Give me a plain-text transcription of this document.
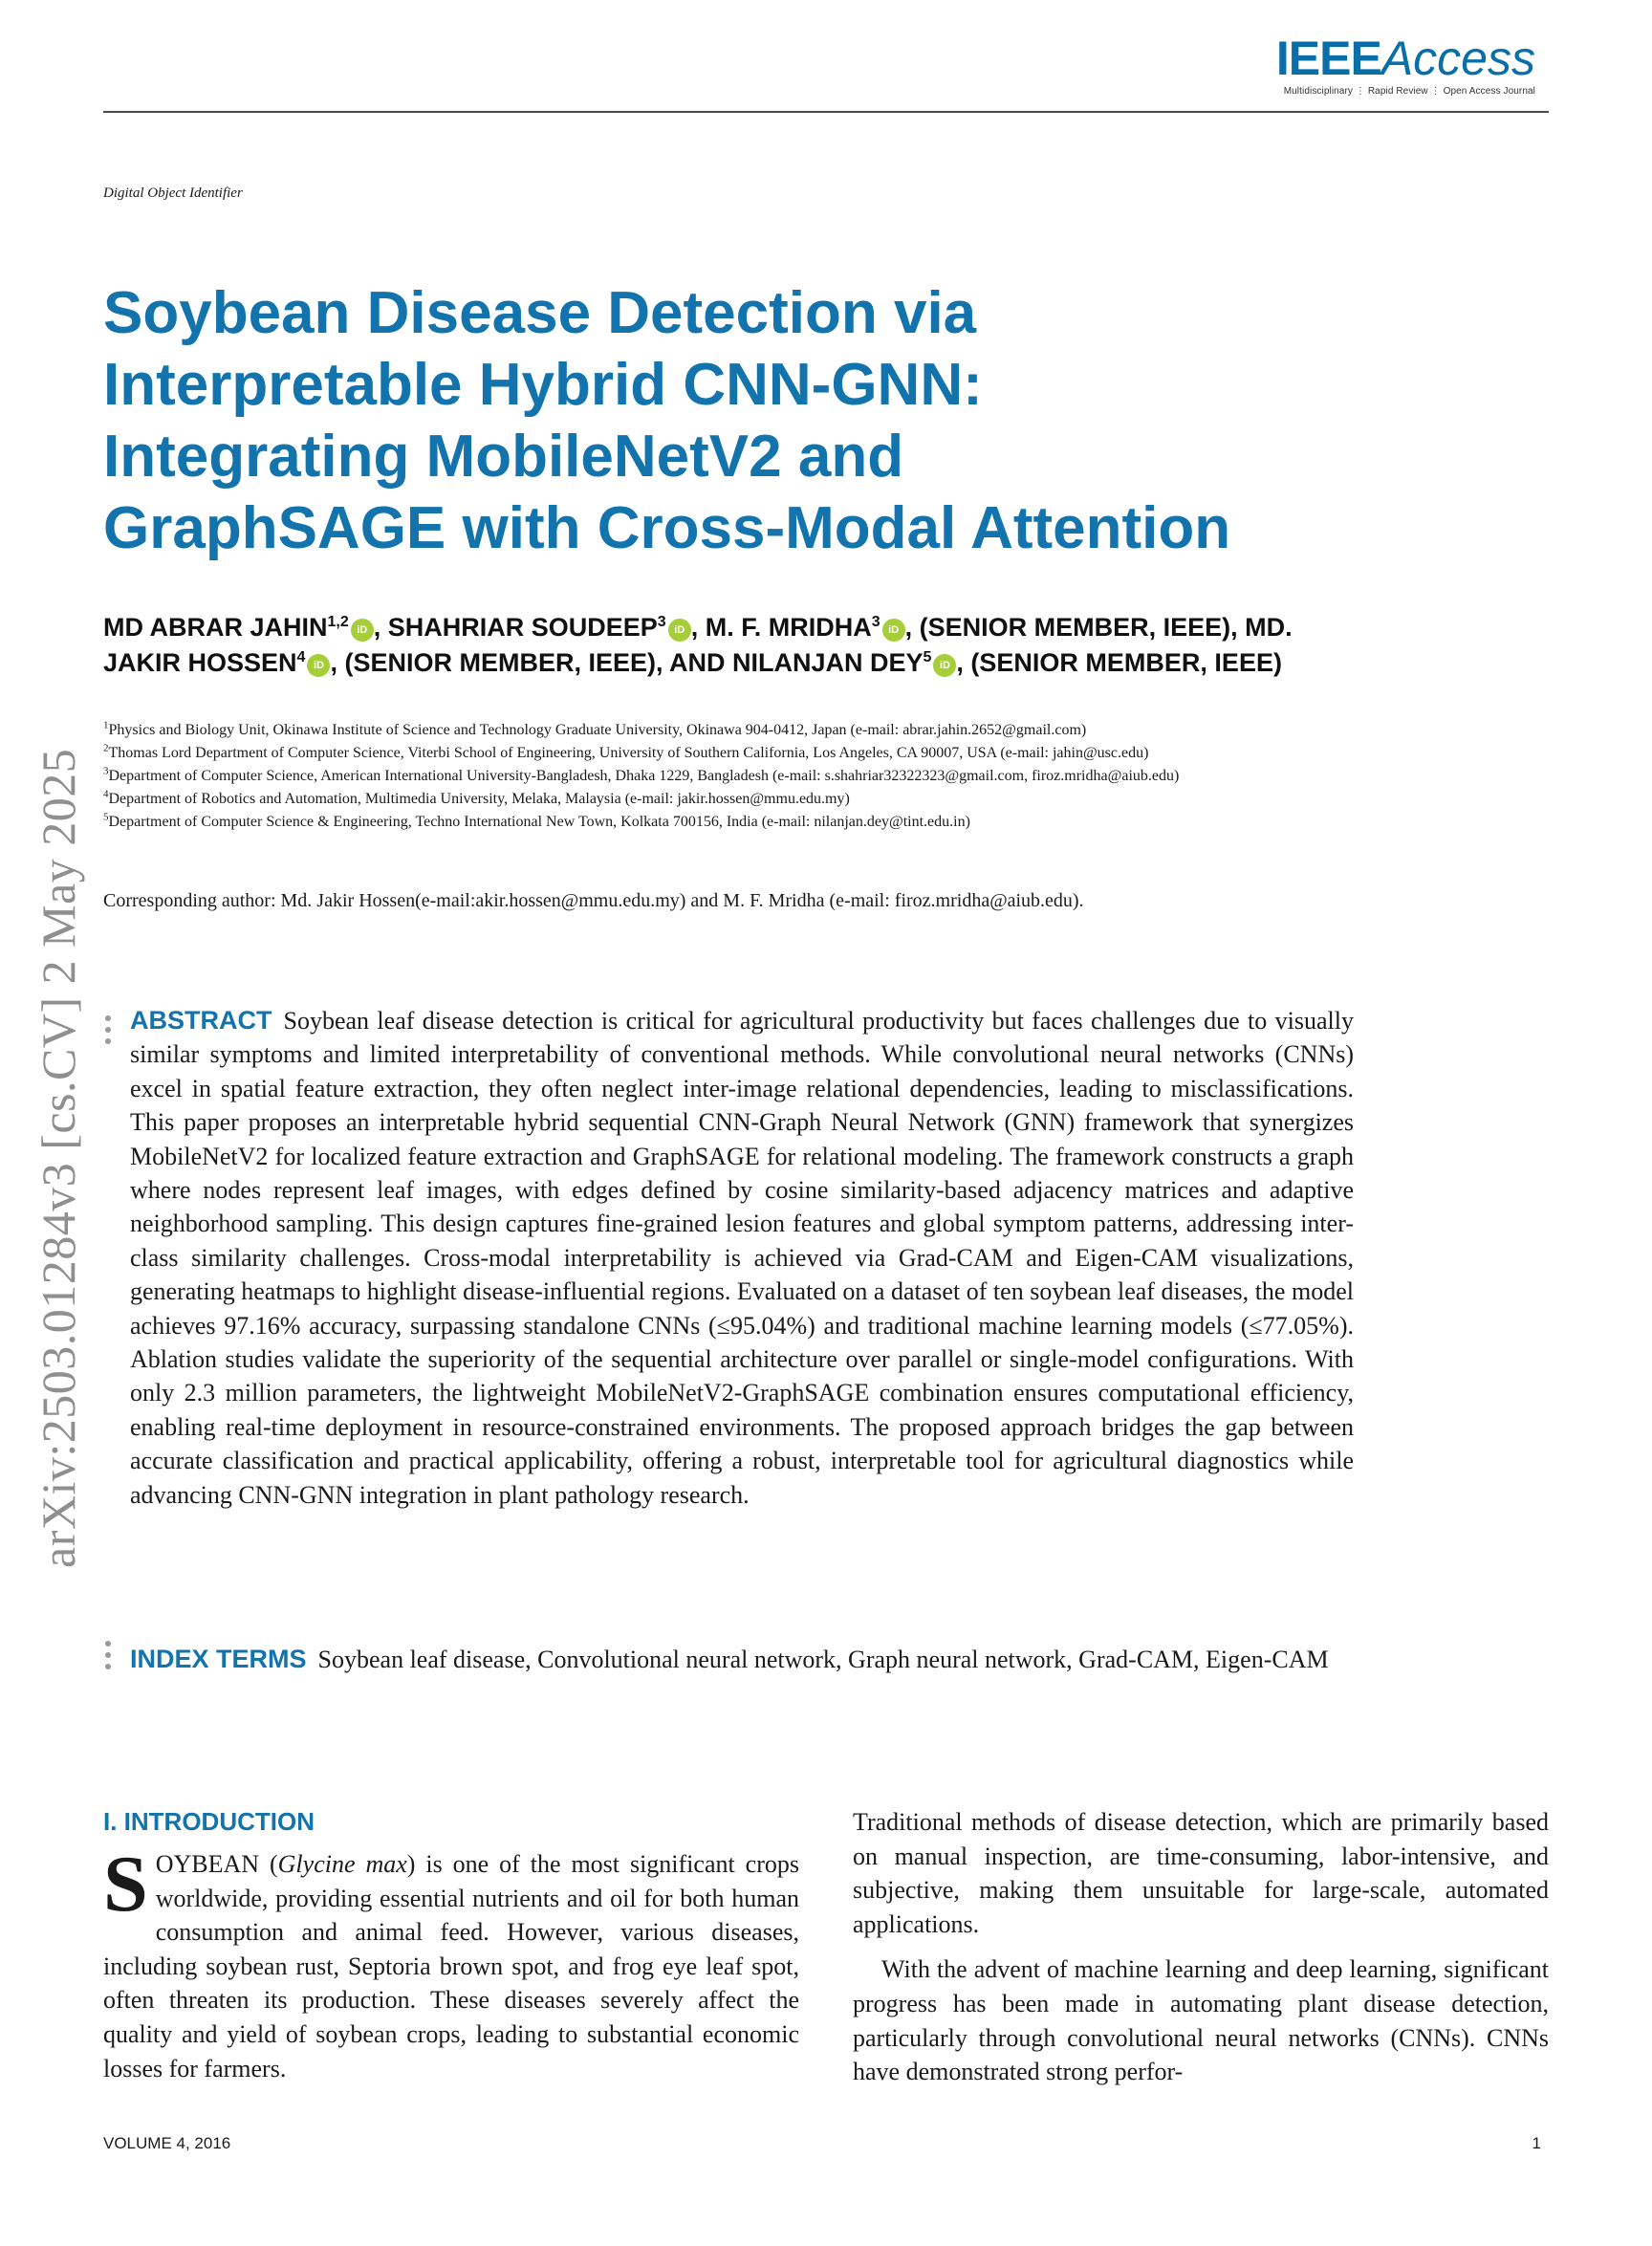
IEEEAccess
Multidisciplinary ⋮ Rapid Review ⋮ Open Access Journal
Digital Object Identifier
Soybean Disease Detection via
Interpretable Hybrid CNN-GNN:
Integrating MobileNetV2 and
GraphSAGE with Cross-Modal Attention
MD ABRAR JAHIN$^{1,2}$ iD , SHAHRIAR SOUDEEP$^3$ iD , M. F. MRIDHA$^3$ iD , (SENIOR MEMBER, IEEE), MD. JAKIR HOSSEN$^4$ iD , (SENIOR MEMBER, IEEE), AND NILANJAN DEY$^5$ iD , (SENIOR MEMBER, IEEE)
$^1$Physics and Biology Unit, Okinawa Institute of Science and Technology Graduate University, Okinawa 904-0412, Japan (e-mail: abrar.jahin.2652@gmail.com)
$^2$Thomas Lord Department of Computer Science, Viterbi School of Engineering, University of Southern California, Los Angeles, CA 90007, USA (e-mail: jahin@usc.edu)
$^3$Department of Computer Science, American International University-Bangladesh, Dhaka 1229, Bangladesh (e-mail: s.shahriar32322323@gmail.com, firoz.mridha@aiub.edu)
$^4$Department of Robotics and Automation, Multimedia University, Melaka, Malaysia (e-mail: jakir.hossen@mmu.edu.my)
$^5$Department of Computer Science & Engineering, Techno International New Town, Kolkata 700156, India (e-mail: nilanjan.dey@tint.edu.in)
Corresponding author: Md. Jakir Hossen(e-mail:akir.hossen@mmu.edu.my) and M. F. Mridha (e-mail: firoz.mridha@aiub.edu).
arXiv:2503.01284v3 [cs.CV] 2 May 2025 ABSTRACT Soybean leaf disease detection is critical for agricultural productivity but faces challenges due to visually similar symptoms and limited interpretability of conventional methods. While convolutional neural networks (CNNs) excel in spatial feature extraction, they often neglect inter-image relational dependencies, leading to misclassifications. This paper proposes an interpretable hybrid sequential CNN-Graph Neural Network (GNN) framework that synergizes MobileNetV2 for localized feature extraction and GraphSAGE for relational modeling. The framework constructs a graph where nodes represent leaf images, with edges defined by cosine similarity-based adjacency matrices and adaptive neighborhood sampling. This design captures fine-grained lesion features and global symptom patterns, addressing inter-class similarity challenges. Cross-modal interpretability is achieved via Grad-CAM and Eigen-CAM visualizations, generating heatmaps to highlight disease-influential regions. Evaluated on a dataset of ten soybean leaf diseases, the model achieves 97.16% accuracy, surpassing standalone CNNs (≤95.04%) and traditional machine learning models (≤77.05%). Ablation studies validate the superiority of the sequential architecture over parallel or single-model configurations. With only 2.3 million parameters, the lightweight MobileNetV2-GraphSAGE combination ensures computational efficiency, enabling real-time deployment in resource-constrained environments. The proposed approach bridges the gap between accurate classification and practical applicability, offering a robust, interpretable tool for agricultural diagnostics while advancing CNN-GNN integration in plant pathology research.

INDEX TERMS Soybean leaf disease, Convolutional neural network, Graph neural network, Grad-CAM, Eigen-CAM

I. INTRODUCTION

SOYBEAN (Glycine max) is one of the most significant crops worldwide, providing essential nutrients and oil for both human consumption and animal feed. However, various diseases, including soybean rust, Septoria brown spot, and frog eye leaf spot, often threaten its production. These diseases severely affect the quality and yield of soybean crops, leading to substantial economic losses for farmers.

Traditional methods of disease detection, which are primarily based on manual inspection, are time-consuming, labor-intensive, and subjective, making them unsuitable for large-scale, automated applications.

With the advent of machine learning and deep learning, significant progress has been made in automating plant disease detection, particularly through convolutional neural networks (CNNs). CNNs have demonstrated strong perfor-

VOLUME 4, 2016	1
